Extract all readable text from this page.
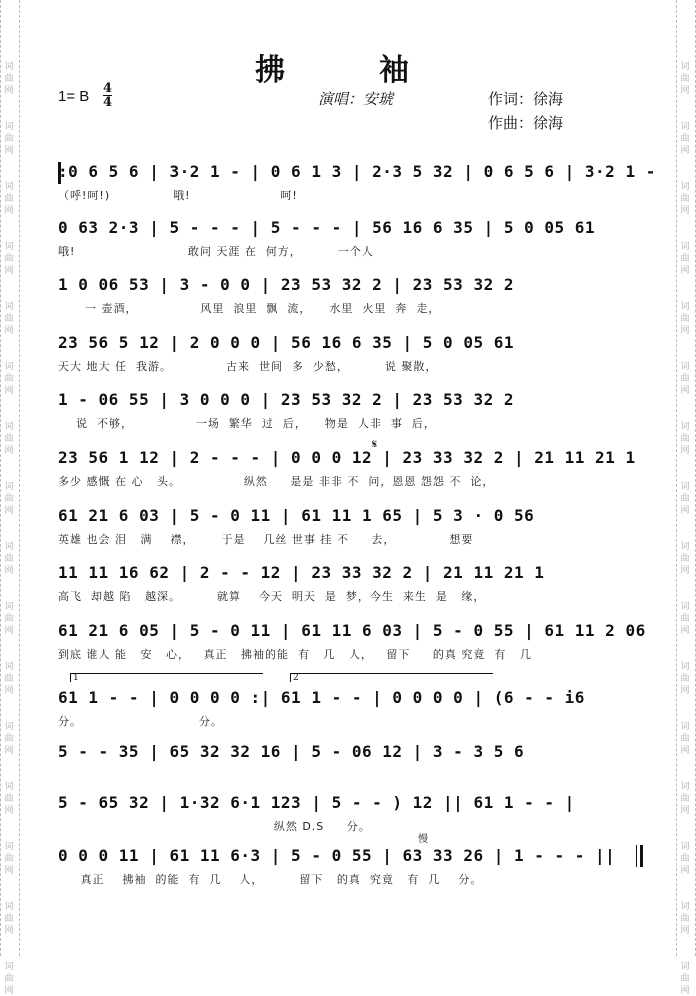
词
曲
网
词
曲
网
词
曲
网
词
曲
网
词
曲
网
词
曲
网
词
曲
网
词
曲
网
词
曲
网
词
曲
网
词
曲
网
词
曲
网
词
曲
网
词
曲
网
词
曲
网
词
曲
网
词
曲
网
词
曲
网
词
曲
网
词
曲
网
词
曲
网
词
曲
网
词
曲
网
词
曲
网
词
曲
网
词
曲
网
词
曲
网
词
曲
网
词
曲
网
词
曲
网
词
曲
网
词
曲
网
拂　袖
1= B $\frac{4}{4}$	演唱：安琥	作词：徐海
作曲：徐海
1	2
𝄋
慢
:0 6 5 6 | 3·2 1 - | 0 6 1 3 | 2·3 5 32 | 0 6 5 6 | 3·2 1 -
（呼!呵!)              哦!                    呵!
0 63 2·3 | 5 - - - | 5 - - - | 56 16 6 35 | 5 0 05 61
哦!                         敢问 天涯 在  何方，        一个人
1 0 06 53 | 3 - 0 0 | 23 53 32 2 | 23 53 32 2
一 壶酒，              风里  浪里  飘  流，    水里  火里  奔  走，
23 56 5 12 | 2 0 0 0 | 56 16 6 35 | 5 0 05 61
天大 地大 任  我游。            古来  世间  多  少愁，        说 聚散，
1 - 06 55 | 3 0 0 0 | 23 53 32 2 | 23 53 32 2
说  不够，              一场  繁华  过  后，    物是  人非  事  后，
23 56 1 12 | 2 - - - | 0 0 0 12 | 23 33 32 2 | 21 11 21 1
多少 感慨 在 心   头。              纵然     是是 非非 不  问，恩恩 怨怨 不  论，
61 21 6 03 | 5 - 0 11 | 61 11 1 65 | 5 3 · 0 56
英雄 也会 泪   满    襟，      于是    几丝 世事 挂 不     去，            想要
11 11 16 62 | 2 - - 12 | 23 33 32 2 | 21 11 21 1
高飞  却越 陷   越深。        就算    今天  明天  是  梦，今生  来生  是   缘，
61 21 6 05 | 5 - 0 11 | 61 11 6 03 | 5 - 0 55 | 61 11 2 06
到底 谁人 能   安   心，   真正   拂袖的能  有   几   人，   留下     的真 究竟  有   几
61 1 - - | 0 0 0 0 :| 61 1 - - | 0 0 0 0 | (6 - - i6
分。                          分。
5 - - 35 | 65 32 32 16 | 5 - 06 12 | 3 - 3 5 6
5 - 65 32 | 1·32 6·1 123 | 5 - - ) 12 || 61 1 - - |
纵然 D.S     分。
0 0 0 11 | 61 11 6·3 | 5 - 0 55 | 63 33 26 | 1 - - - ||
真正    拂袖  的能  有  几    人，        留下   的真  究竟   有  几    分。
